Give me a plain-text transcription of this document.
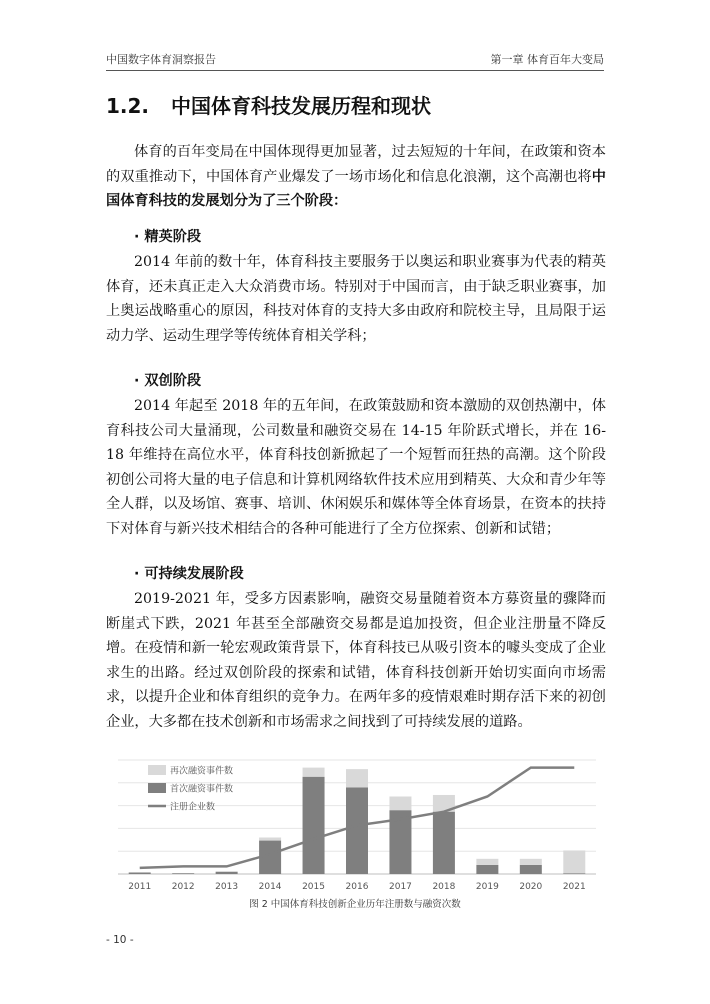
中国数字体育洞察报告	第一章 体育百年大变局
1.2. 中国体育科技发展历程和现状

体育的百年变局在中国体现得更加显著，过去短短的十年间，在政策和资本的双重推动下，中国体育产业爆发了一场市场化和信息化浪潮，这个高潮也将中国体育科技的发展划分为了三个阶段：

· 精英阶段

2014 年前的数十年，体育科技主要服务于以奥运和职业赛事为代表的精英体育，还未真正走入大众消费市场。特别对于中国而言，由于缺乏职业赛事，加上奥运战略重心的原因，科技对体育的支持大多由政府和院校主导，且局限于运动力学、运动生理学等传统体育相关学科；

· 双创阶段

2014 年起至 2018 年的五年间，在政策鼓励和资本激励的双创热潮中，体育科技公司大量涌现，公司数量和融资交易在 14-15 年阶跃式增长，并在 16-18 年维持在高位水平，体育科技创新掀起了一个短暂而狂热的高潮。这个阶段初创公司将大量的电子信息和计算机网络软件技术应用到精英、大众和青少年等全人群，以及场馆、赛事、培训、休闲娱乐和媒体等全体育场景，在资本的扶持下对体育与新兴技术相结合的各种可能进行了全方位探索、创新和试错；

· 可持续发展阶段

2019-2021 年，受多方因素影响，融资交易量随着资本方募资量的骤降而断崖式下跌，2021 年甚至全部融资交易都是追加投资，但企业注册量不降反增。在疫情和新一轮宏观政策背景下，体育科技已从吸引资本的噱头变成了企业求生的出路。经过双创阶段的探索和试错，体育科技创新开始切实面向市场需求，以提升企业和体育组织的竞争力。在两年多的疫情艰难时期存活下来的初创企业，大多都在技术创新和市场需求之间找到了可持续发展的道路。

2011 2012 2013 2014 2015 2016 2017 2018 2019 2020 2021
再次融资事件数
首次融资事件数
注册企业数
图 2 中国体育科技创新企业历年注册数与融资次数
- 10 -
